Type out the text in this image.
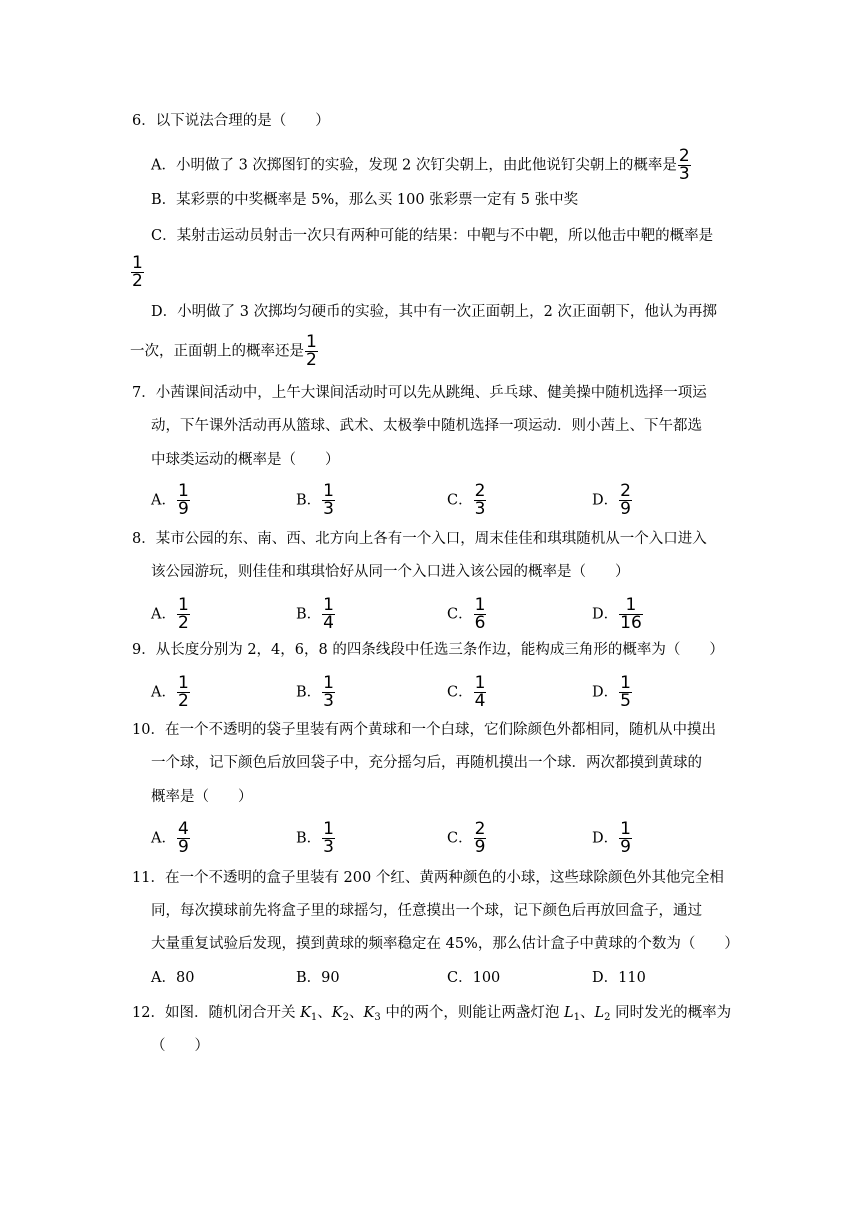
6．以下说法合理的是（　　）
A．小明做了 3 次掷图钉的实验，发现 2 次钉尖朝上，由此他说钉尖朝上的概率是 $\frac{2}{3}$
B．某彩票的中奖概率是 5%，那么买 100 张彩票一定有 5 张中奖
C．某射击运动员射击一次只有两种可能的结果：中靶与不中靶，所以他击中靶的概率是
$\frac{1}{2}$
D．小明做了 3 次掷均匀硬币的实验，其中有一次正面朝上，2 次正面朝下，他认为再掷
一次，正面朝上的概率还是 $\frac{1}{2}$
7．小茜课间活动中，上午大课间活动时可以先从跳绳、乒乓球、健美操中随机选择一项运
动，下午课外活动再从篮球、武术、太极拳中随机选择一项运动．则小茜上、下午都选
中球类运动的概率是（　　）
A． $\frac{1}{9}$	B． $\frac{1}{3}$	C． $\frac{2}{3}$	D． $\frac{2}{9}$
8．某市公园的东、南、西、北方向上各有一个入口，周末佳佳和琪琪随机从一个入口进入
该公园游玩，则佳佳和琪琪恰好从同一个入口进入该公园的概率是（　　）
A． $\frac{1}{2}$	B． $\frac{1}{4}$	C． $\frac{1}{6}$	D． $\frac{1}{16}$
9．从长度分别为 2，4，6，8 的四条线段中任选三条作边，能构成三角形的概率为（　　）
A． $\frac{1}{2}$	B． $\frac{1}{3}$	C． $\frac{1}{4}$	D． $\frac{1}{5}$
10．在一个不透明的袋子里装有两个黄球和一个白球，它们除颜色外都相同，随机从中摸出
一个球，记下颜色后放回袋子中，充分摇匀后，再随机摸出一个球．两次都摸到黄球的
概率是（　　）
A． $\frac{4}{9}$	B． $\frac{1}{3}$	C． $\frac{2}{9}$	D． $\frac{1}{9}$
11．在一个不透明的盒子里装有 200 个红、黄两种颜色的小球，这些球除颜色外其他完全相
同，每次摸球前先将盒子里的球摇匀，任意摸出一个球，记下颜色后再放回盒子，通过
大量重复试验后发现，摸到黄球的频率稳定在 45%，那么估计盒子中黄球的个数为（　　）
A．80	B．90	C．100	D．110
12．如图．随机闭合开关 $K_1$、$K_2$、$K_3$ 中的两个，则能让两盏灯泡 $L_1$、$L_2$ 同时发光的概率为
（　　）
